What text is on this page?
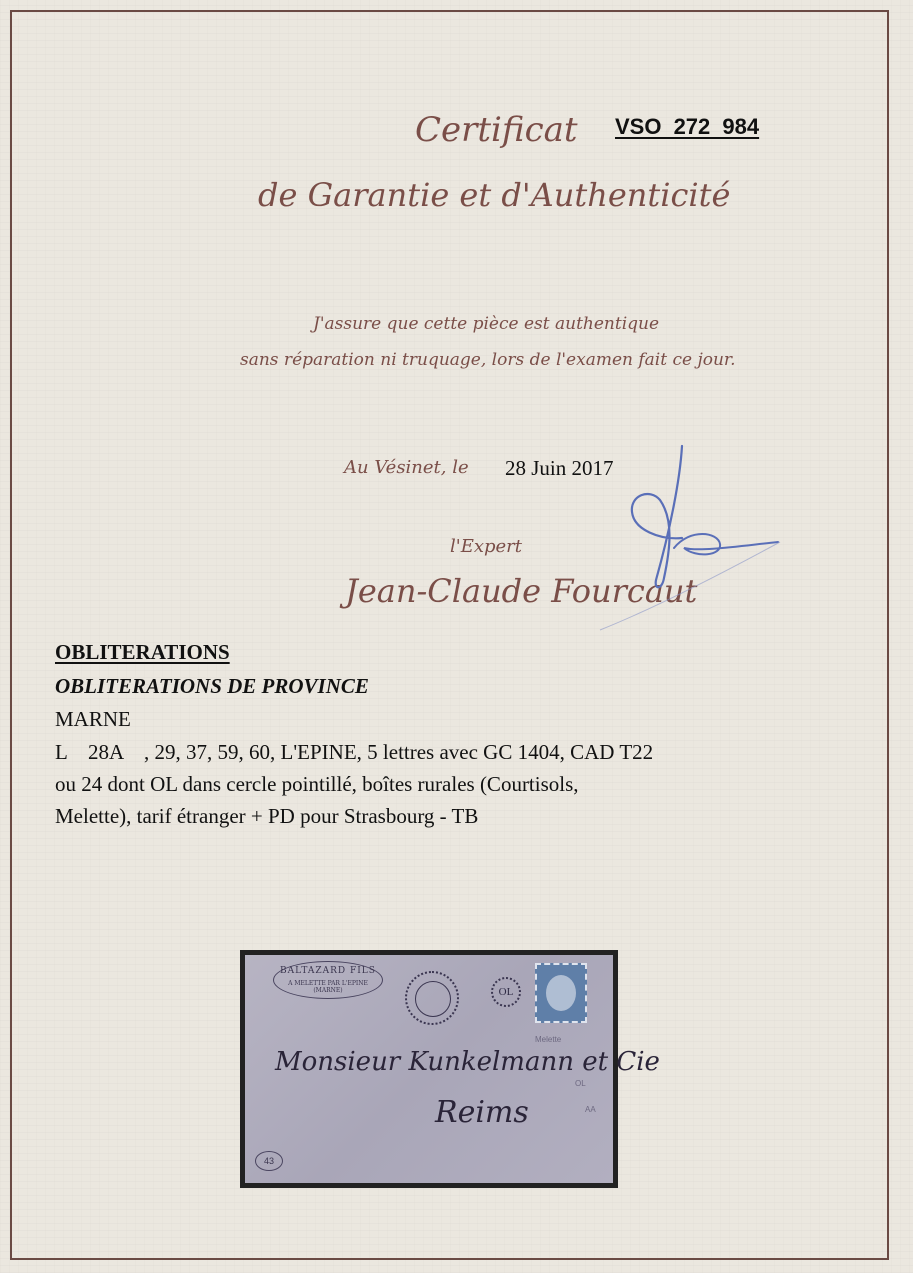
Certificat VSO 272 984
de Garantie et d'Authenticité
J'assure que cette pièce est authentique
sans réparation ni truquage, lors de l'examen fait ce jour.
Au Vésinet, le 28 Juin 2017
l'Expert
Jean-Claude Fourcaut
OBLITERATIONS
OBLITERATIONS DE PROVINCE
MARNE
L    28A    , 29, 37, 59, 60, L'EPINE, 5 lettres avec GC 1404, CAD T22
ou 24 dont OL dans cercle pointillé, boîtes rurales (Courtisols,
Melette), tarif étranger + PD pour Strasbourg - TB
BALTAZARD FILS
A MELETTE PAR L'EPINE (MARNE)	OL
Melette
Monsieur Kunkelmann et Cie
OL
Reims	AA
43
